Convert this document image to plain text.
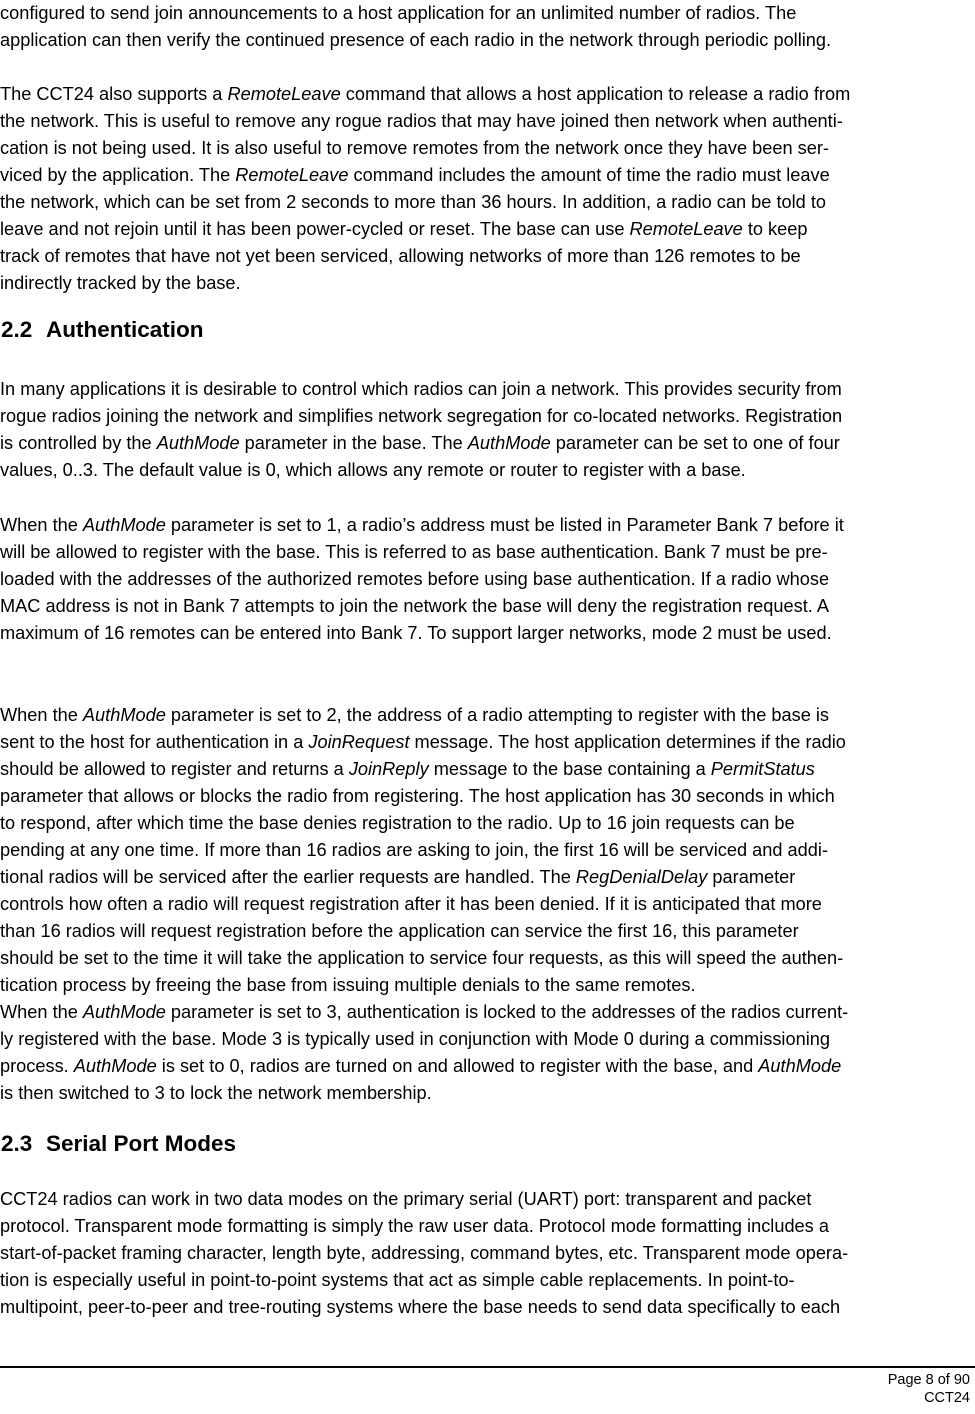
configured to send join announcements to a host application for an unlimited number of radios. The
application can then verify the continued presence of each radio in the network through periodic polling.

The CCT24 also supports a RemoteLeave command that allows a host application to release a radio from
the network. This is useful to remove any rogue radios that may have joined then network when authenti-
cation is not being used. It is also useful to remove remotes from the network once they have been ser-
viced by the application. The RemoteLeave command includes the amount of time the radio must leave
the network, which can be set from 2 seconds to more than 36 hours. In addition, a radio can be told to
leave and not rejoin until it has been power-cycled or reset. The base can use RemoteLeave to keep
track of remotes that have not yet been serviced, allowing networks of more than 126 remotes to be
indirectly tracked by the base.

2.2 Authentication

In many applications it is desirable to control which radios can join a network. This provides security from
rogue radios joining the network and simplifies network segregation for co-located networks. Registration
is controlled by the AuthMode parameter in the base. The AuthMode parameter can be set to one of four
values, 0..3. The default value is 0, which allows any remote or router to register with a base.

When the AuthMode parameter is set to 1, a radio’s address must be listed in Parameter Bank 7 before it
will be allowed to register with the base. This is referred to as base authentication. Bank 7 must be pre-
loaded with the addresses of the authorized remotes before using base authentication. If a radio whose
MAC address is not in Bank 7 attempts to join the network the base will deny the registration request. A
maximum of 16 remotes can be entered into Bank 7. To support larger networks, mode 2 must be used.

When the AuthMode parameter is set to 2, the address of a radio attempting to register with the base is
sent to the host for authentication in a JoinRequest message. The host application determines if the radio
should be allowed to register and returns a JoinReply message to the base containing a PermitStatus
parameter that allows or blocks the radio from registering. The host application has 30 seconds in which
to respond, after which time the base denies registration to the radio. Up to 16 join requests can be
pending at any one time. If more than 16 radios are asking to join, the first 16 will be serviced and addi-
tional radios will be serviced after the earlier requests are handled. The RegDenialDelay parameter
controls how often a radio will request registration after it has been denied. If it is anticipated that more
than 16 radios will request registration before the application can service the first 16, this parameter
should be set to the time it will take the application to service four requests, as this will speed the authen-
tication process by freeing the base from issuing multiple denials to the same remotes.

When the AuthMode parameter is set to 3, authentication is locked to the addresses of the radios current-
ly registered with the base. Mode 3 is typically used in conjunction with Mode 0 during a commissioning
process. AuthMode is set to 0, radios are turned on and allowed to register with the base, and AuthMode
is then switched to 3 to lock the network membership.

2.3 Serial Port Modes

CCT24 radios can work in two data modes on the primary serial (UART) port: transparent and packet
protocol. Transparent mode formatting is simply the raw user data. Protocol mode formatting includes a
start-of-packet framing character, length byte, addressing, command bytes, etc. Transparent mode opera-
tion is especially useful in point-to-point systems that act as simple cable replacements. In point-to-
multipoint, peer-to-peer and tree-routing systems where the base needs to send data specifically to each

Page 8 of 90
CCT24
